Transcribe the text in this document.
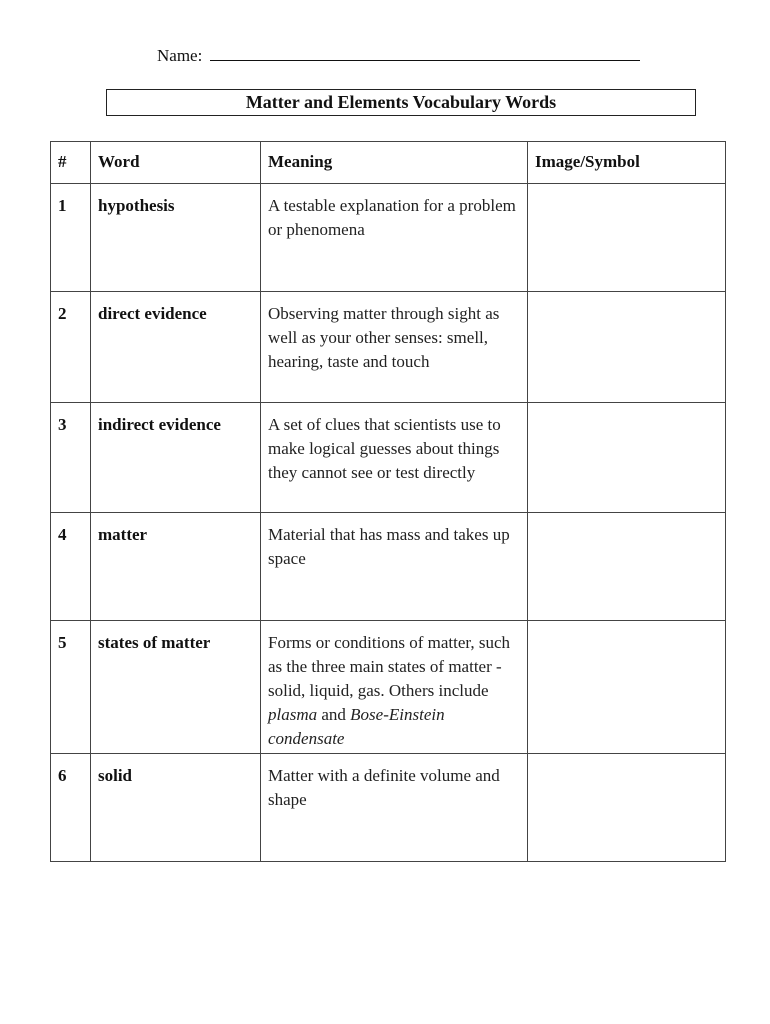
Name:
Matter and Elements Vocabulary Words
#	Word	Meaning	Image/Symbol
1	hypothesis	A testable explanation for a problem or phenomena	
2	direct evidence	Observing matter through sight as well as your other senses: smell, hearing, taste and touch	
3	indirect evidence	A set of clues that scientists use to make logical guesses about things they cannot see or test directly	
4	matter	Material that has mass and takes up space	
5	states of matter	Forms or conditions of matter, such as the three main states of matter - solid, liquid, gas. Others include plasma and Bose-Einstein condensate	
6	solid	Matter with a definite volume and shape	
